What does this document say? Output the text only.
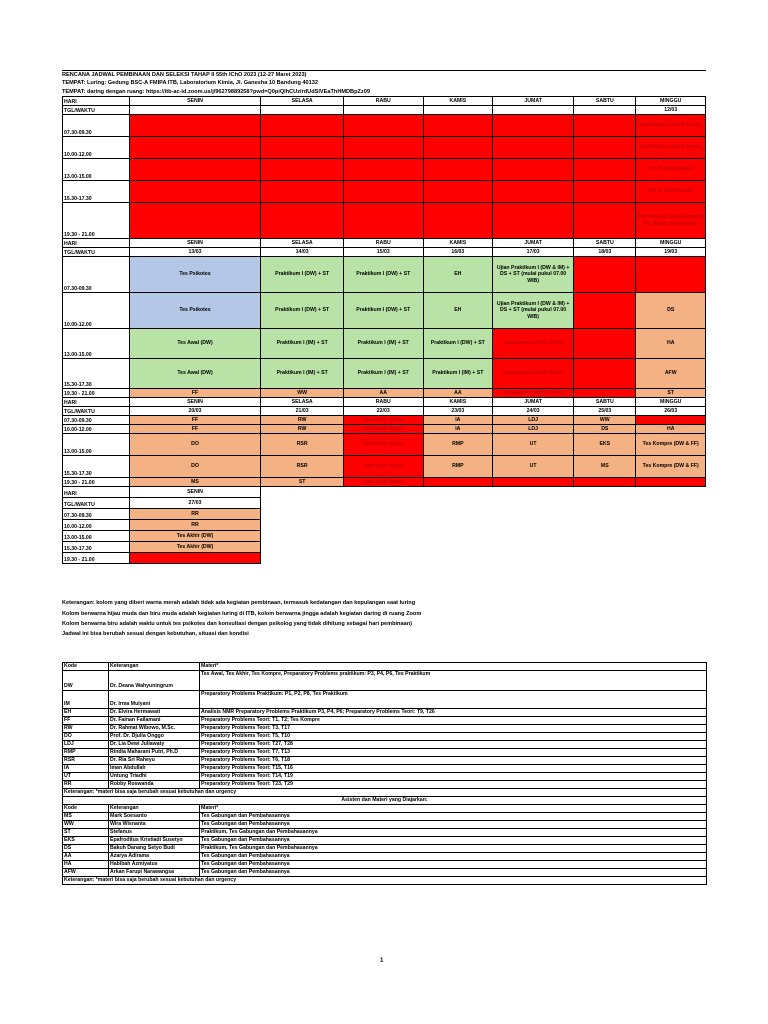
RENCANA JADWAL PEMBINAAN DAN SELEKSI TAHAP II 55th IChO 2023 (12-27 Maret 2023)
TEMPAT: Luring: Gedung BSC-A FMIPA ITB, Laboratorium Kimia, Jl. Ganesha 10 Bandung 40132
TEMPAT: daring dengan ruang: https://itb-ac-id.zoom.us/j/96279889258?pwd=Q0piQlhCUzlrdUdSlVEaThHMDBpZz09
HARI	SENIN	SELASA	RABU	KAMIS	JUMAT	SABTU	MINGGU
TGL/WAKTU							12/03
07.30-09.30							kedatangan untuk luring
10.00-12.00							kedatangan untuk luring
13.00-15.00							cek in hotel/wisma
15.30-17.30							cek in hotel/wisma
19.30 - 21.00							Pembukaan (secara zoom) Pk. Rapat Pengarahan
HARI	SENIN	SELASA	RABU	KAMIS	JUMAT	SABTU	MINGGU
TGL/WAKTU	13/03	14/03	15/03	16/03	17/03	18/03	19/03
07.30-09.30	Tes Psikotes	Praktikum I (DW) + ST	Praktikum I (DW) + ST	EH	Ujian Praktikum I (DW & IM) + DS + ST (mulai pukul 07.00 WIB)		
10.00-12.00	Tes Psikotes	Praktikum I (DW) + ST	Praktikum I (DW) + ST	EH	Ujian Praktikum I (DW & IM) + DS + ST (mulai pukul 07.00 WIB)		DS
13.00-15.00	Tes Awal (DW)	Praktikum I (IM) + ST	Praktikum I (IM) + ST	Praktikum I (DW) + ST	kepulangan untuk luring		HA
15.30-17.30	Tes Awal (DW)	Praktikum I (IM) + ST	Praktikum I (IM) + ST	Praktikum I (IM) + ST	kepulangan untuk luring		AFW
19.30 - 21.00	FF	WW	AA	AA	kepulangan untuk luring		ST
HARI	SENIN	SELASA	RABU	KAMIS	JUMAT	SABTU	MINGGU
TGL/WAKTU	20/03	21/03	22/03	23/03	24/03	25/03	26/03
07.30-09.30	FF	RW	Hari Raya Nyepi	IA	LDJ	WW	
10.00-12.00	FF	RW	Hari Raya Nyepi	IA	LDJ	DS	HA
13.00-15.00	DO	RSR	Hari Raya Nyepi	RMP	UT	EKS	Tes Kompre (DW & FF)
15.30-17.30	DO	RSR	Hari Raya Nyepi	RMP	UT	MS	Tes Kompre (DW & FF)
19.30 - 21.00	MS	ST	Hari Raya Nyepi				
HARI	SENIN						
TGL/WAKTU	27/03						
07.30-09.30	RR						
10.00-12.00	RR						
13.00-15.00	Tes Akhir (DW)						
15.30-17.30	Tes Akhir (DW)						
19.30 - 21.00							
Keterangan: kolom yang diberi warna merah adalah tidak ada kegiatan pembinaan, termasuk kedatangan dan kepulangan saat luring
Kolom berwarna hijau muda dan biru muda adalah kegiatan luring di ITB, kolom berwarna jingga adalah kegiatan daring di ruang Zoom
Kolom berwarna biru adalah waktu untuk tes psikotes dan konsultasi dengan psikolog yang tidak dihitung sebagai hari pembinaan)
Jadwal ini bisa berubah sesuai dengan kebutuhan, situasi dan kondisi
Kode	Keterangan	Materi*
DW	Dr. Deana Wahyuningrum	Tes Awal, Tes Akhir, Tes Kompre, Preparatory Problems praktikum: P3, P4, P6, Tes Praktikum
IM	Dr. Irma Mulyani	Preparatory Problems Praktikum: P1, P2, P8, Tes Praktikum
EH	Dr. Elvira Hermawati	Analisis NMR Preparatory Problems Praktikum P3, P4, P6; Preparatory Problems Teori: T9, T26
FF	Dr. Fainan Failamani	Preparatory Problems Teori: T1, T2; Tes Kompre
RW	Dr. Rahmat Wibowo, M.Sc.	Preparatory Problems Teori: T3, T17
DO	Prof. Dr. Djulia Onggo	Preparatory Problems Teori: T5, T10
LDJ	Dr. Lia Dewi Juliawaty	Preparatory Problems Teori: T27, T28
RMP	Rindia Maharani Putri, Ph.D	Preparatory Problems Teori: T7, T13
RSR	Dr. Ria Sri Raheyu	Preparatory Problems Teori: T6, T18
IA	Iman Abdullah	Preparatory Problems Teori: T15, T16
UT	Untung Triadhi	Preparatory Problems Teori: T14, T19
RR	Robby Roswanda	Preparatory Problems Teori: T23, T29
Keterangan: *materi bisa saja berubah sesuai kebutuhan dan urgency		
Asisten dan Materi yang Diajarkan:		
Kode	Keterangan	Materi*
MS	Mark Soesanto	Tes Gabungan dan Pembahasannya
WW	Wira Wisnanta	Tes Gabungan dan Pembahasannya
ST	Stefanus	Praktikum, Tes Gabungan dan Pembahasannya
EKS	Epafroditus Kristiadi Susetyo	Tes Gabungan dan Pembahasannya
DS	Bakuh Danang Setyo Budi	Praktikum, Tes Gabungan dan Pembahasannya
AA	Azarya Adirama	Tes Gabungan dan Pembahasannya
HA	Habibah Azmiyatus	Tes Gabungan dan Pembahasannya
AFW	Arkan Farupi Narawangsa	Tes Gabungan dan Pembahasannya
Keterangan: *materi bisa saja berubah sesuai kebutuhan dan urgency		
1
